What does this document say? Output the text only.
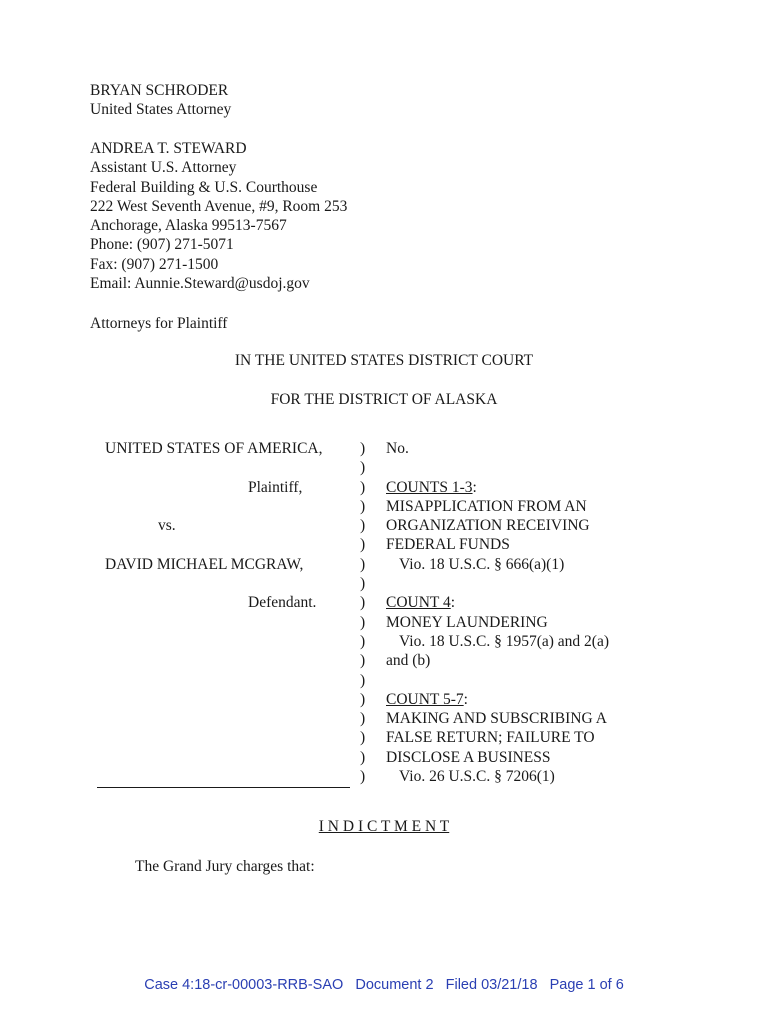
BRYAN SCHRODER
United States Attorney
ANDREA T. STEWARD
Assistant U.S. Attorney
Federal Building & U.S. Courthouse
222 West Seventh Avenue, #9, Room 253
Anchorage, Alaska 99513-7567
Phone: (907) 271-5071
Fax: (907) 271-1500
Email: Aunnie.Steward@usdoj.gov
Attorneys for Plaintiff
IN THE UNITED STATES DISTRICT COURT
FOR THE DISTRICT OF ALASKA
UNITED STATES OF AMERICA,
Plaintiff,
vs.
DAVID MICHAEL MCGRAW,
Defendant.
)
)
)
)
)
)
)
)
)
)
)
)
)
)
)
)
)
)
No.
COUNTS 1-3:
MISAPPLICATION FROM AN
ORGANIZATION RECEIVING
FEDERAL FUNDS
Vio. 18 U.S.C. § 666(a)(1)
COUNT 4:
MONEY LAUNDERING
Vio. 18 U.S.C. § 1957(a) and 2(a)
and (b)
COUNT 5-7:
MAKING AND SUBSCRIBING A
FALSE RETURN; FAILURE TO
DISCLOSE A BUSINESS
Vio. 26 U.S.C. § 7206(1)
I N D I C T M E N T
The Grand Jury charges that:
Case 4:18-cr-00003-RRB-SAO   Document 2   Filed 03/21/18   Page 1 of 6
